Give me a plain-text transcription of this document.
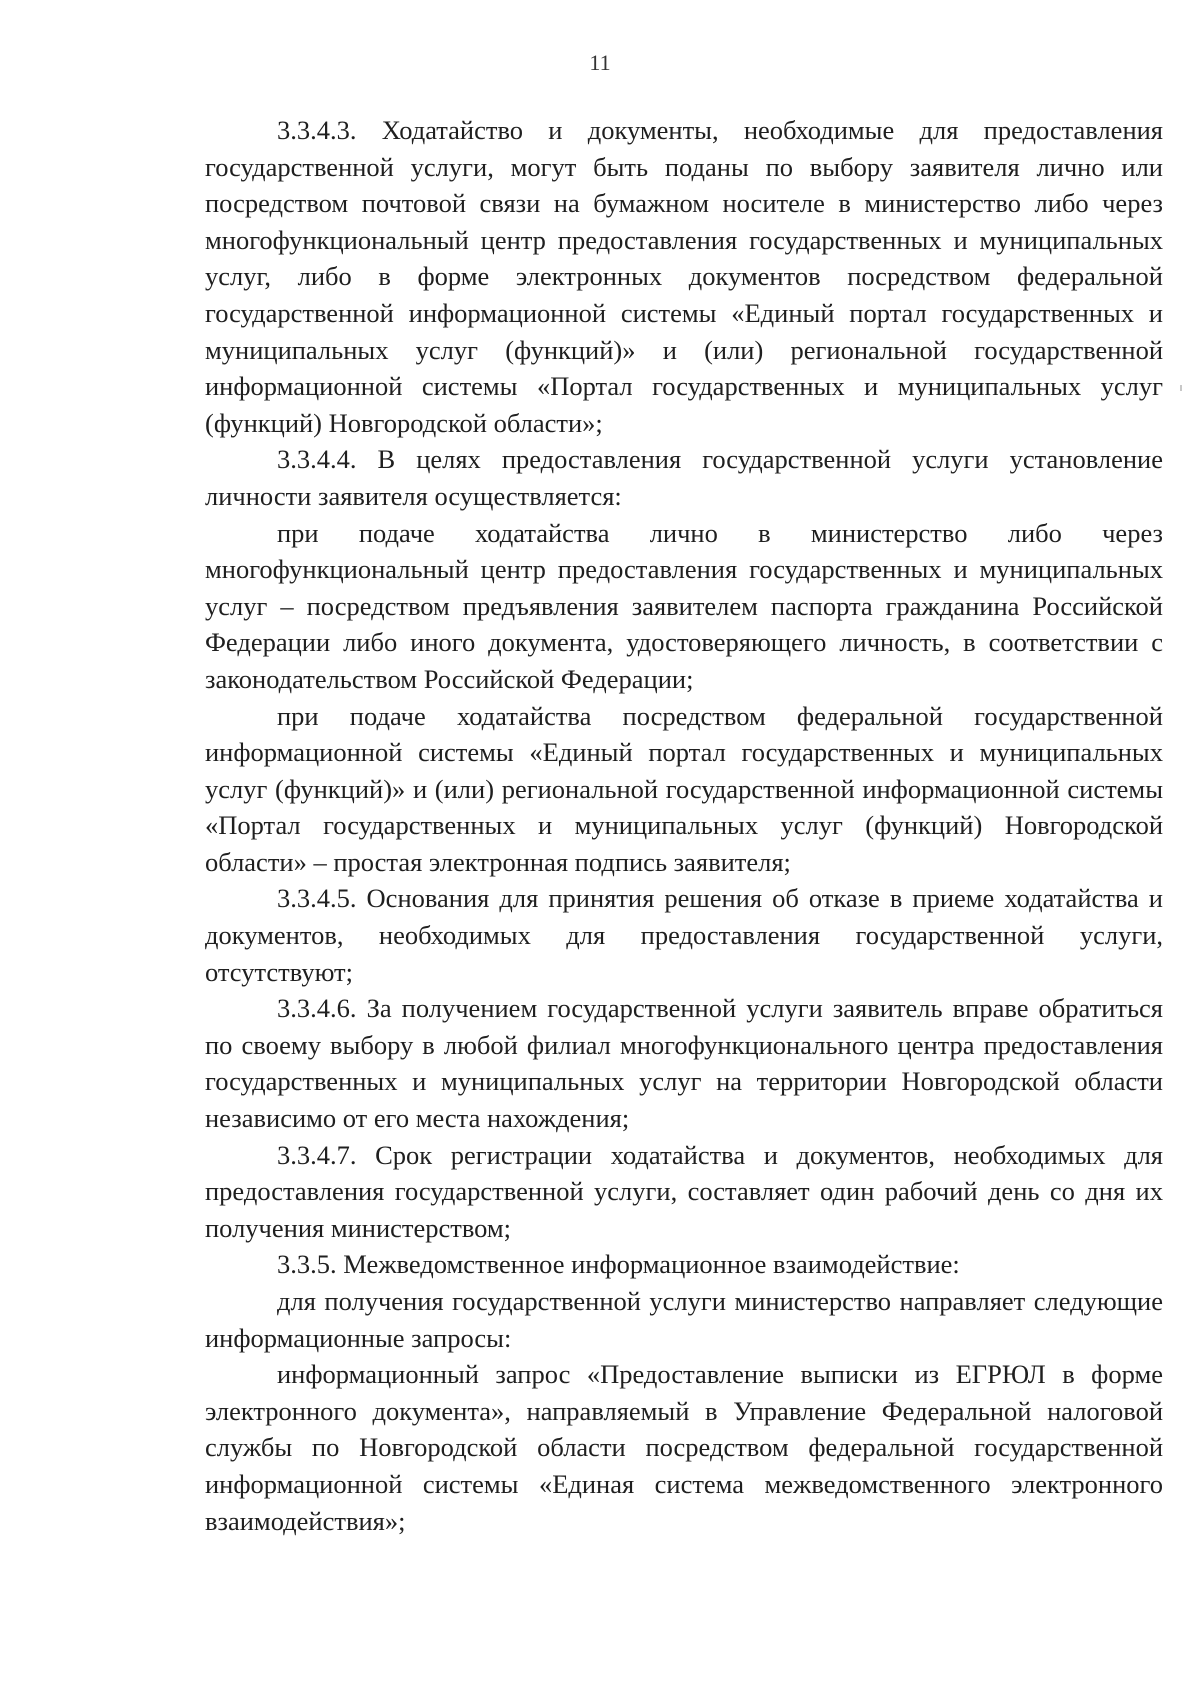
11

3.3.4.3. Ходатайство и документы, необходимые для предоставления государственной услуги, могут быть поданы по выбору заявителя лично или посредством почтовой связи на бумажном носителе в министерство либо через многофункциональный центр предоставления государственных и муниципальных услуг, либо в форме электронных документов посредством федеральной государственной информационной системы «Единый портал государственных и муниципальных услуг (функций)» и (или) региональной государственной информационной системы «Портал государственных и муниципальных услуг (функций) Новгородской области»;

3.3.4.4. В целях предоставления государственной услуги установление личности заявителя осуществляется:

при подаче ходатайства лично в министерство либо через многофункциональный центр предоставления государственных и муниципальных услуг – посредством предъявления заявителем паспорта гражданина Российской Федерации либо иного документа, удостоверяющего личность, в соответствии с законодательством Российской Федерации;

при подаче ходатайства посредством федеральной государственной информационной системы «Единый портал государственных и муниципальных услуг (функций)» и (или) региональной государственной информационной системы «Портал государственных и муниципальных услуг (функций) Новгородской области» – простая электронная подпись заявителя;

3.3.4.5. Основания для принятия решения об отказе в приеме ходатайства и документов, необходимых для предоставления государственной услуги, отсутствуют;

3.3.4.6. За получением государственной услуги заявитель вправе обратиться по своему выбору в любой филиал многофункционального центра предоставления государственных и муниципальных услуг на территории Новгородской области независимо от его места нахождения;

3.3.4.7. Срок регистрации ходатайства и документов, необходимых для предоставления государственной услуги, составляет один рабочий день со дня их получения министерством;

3.3.5. Межведомственное информационное взаимодействие:

для получения государственной услуги министерство направляет следующие информационные запросы:

информационный запрос «Предоставление выписки из ЕГРЮЛ в форме электронного документа», направляемый в Управление Федеральной налоговой службы по Новгородской области посредством федеральной государственной информационной системы «Единая система межведомственного электронного взаимодействия»;
